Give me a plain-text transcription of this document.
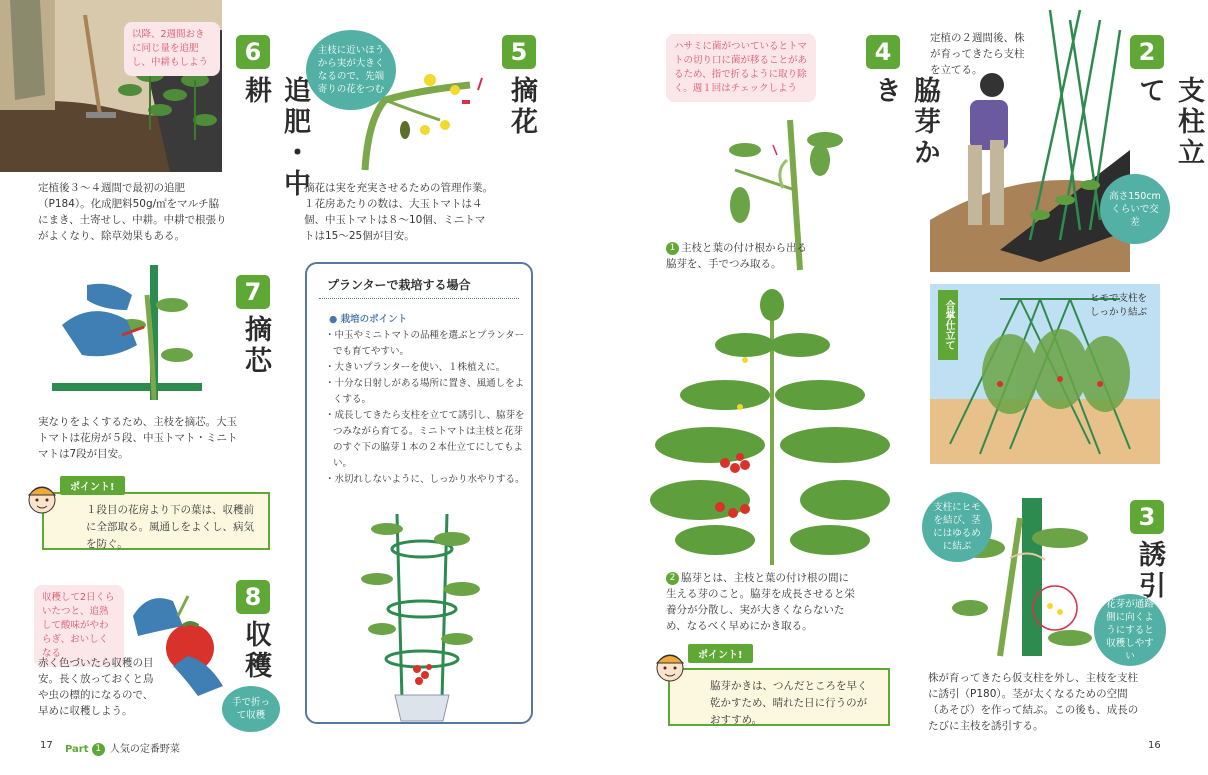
以降、2週間おきに同じ量を追肥し、中耕もしよう	6
追肥・中耕
定植後３～４週間で最初の追肥（P184）。化成肥料50g/㎡をマルチ脇にまき、土寄せし、中耕。中耕で根張りがよくなり、除草効果もある。
主枝に近いほうから実が大きくなるので、先端寄りの花をつむ
5
摘花
摘花は実を充実させるための管理作業。１花房あたりの数は、大玉トマトは４個、中玉トマトは８～10個、ミニトマトは15～25個が目安。
7
摘芯
実なりをよくするため、主枝を摘芯。大玉トマトは花房が５段、中玉トマト・ミニトマトは7段が目安。
１段目の花房より下の葉は、収穫前に全部取る。風通しをよくし、病気を防ぐ。
ポイント!
収穫して2日くらいたつと、追熟して酸味がやわらぎ、おいしくなる
8
収穫
赤く色づいたら収穫の目安。長く放っておくと鳥や虫の標的になるので、早めに収穫しよう。
手で折って収穫
プランターで栽培する場合
● 栽培のポイント
・中玉やミニトマトの品種を選ぶとプランターでも育てやすい。
・大きいプランターを使い、１株植えに。
・十分な日射しがある場所に置き、風通しをよくする。
・成長してきたら支柱を立てて誘引し、脇芽をつみながら育てる。ミニトマトは主枝と花芽のすぐ下の脇芽１本の２本仕立てにしてもよい。
・水切れしないように、しっかり水やりする。
17 Part 1 人気の定番野菜
ハサミに菌がついているとトマトの切り口に菌が移ることがあるため、指で折るように取り除く。週１回はチェックしよう
4
脇芽かき
1 主枝と葉の付け根から出る脇芽を、手でつみ取る。
2 脇芽とは、主枝と葉の付け根の間に生える芽のこと。脇芽を成長させると栄養分が分散し、実が大きくならないため、なるべく早めにかき取る。
脇芽かきは、つんだところを早く乾かすため、晴れた日に行うのがおすすめ。
ポイント!
定植の２週間後、株が育ってきたら支柱を立てる。
高さ150cmくらいで交差
2
支柱立て
合掌仕立て
ヒモで支柱をしっかり結ぶ
支柱にヒモを結び、茎にはゆるめに結ぶ
花芽が通路側に向くようにすると収穫しやすい
3
誘引
株が育ってきたら仮支柱を外し、主枝を支柱に誘引（P180）。茎が太くなるための空間（あそび）を作って結ぶ。この後も、成長のたびに主枝を誘引する。
16
